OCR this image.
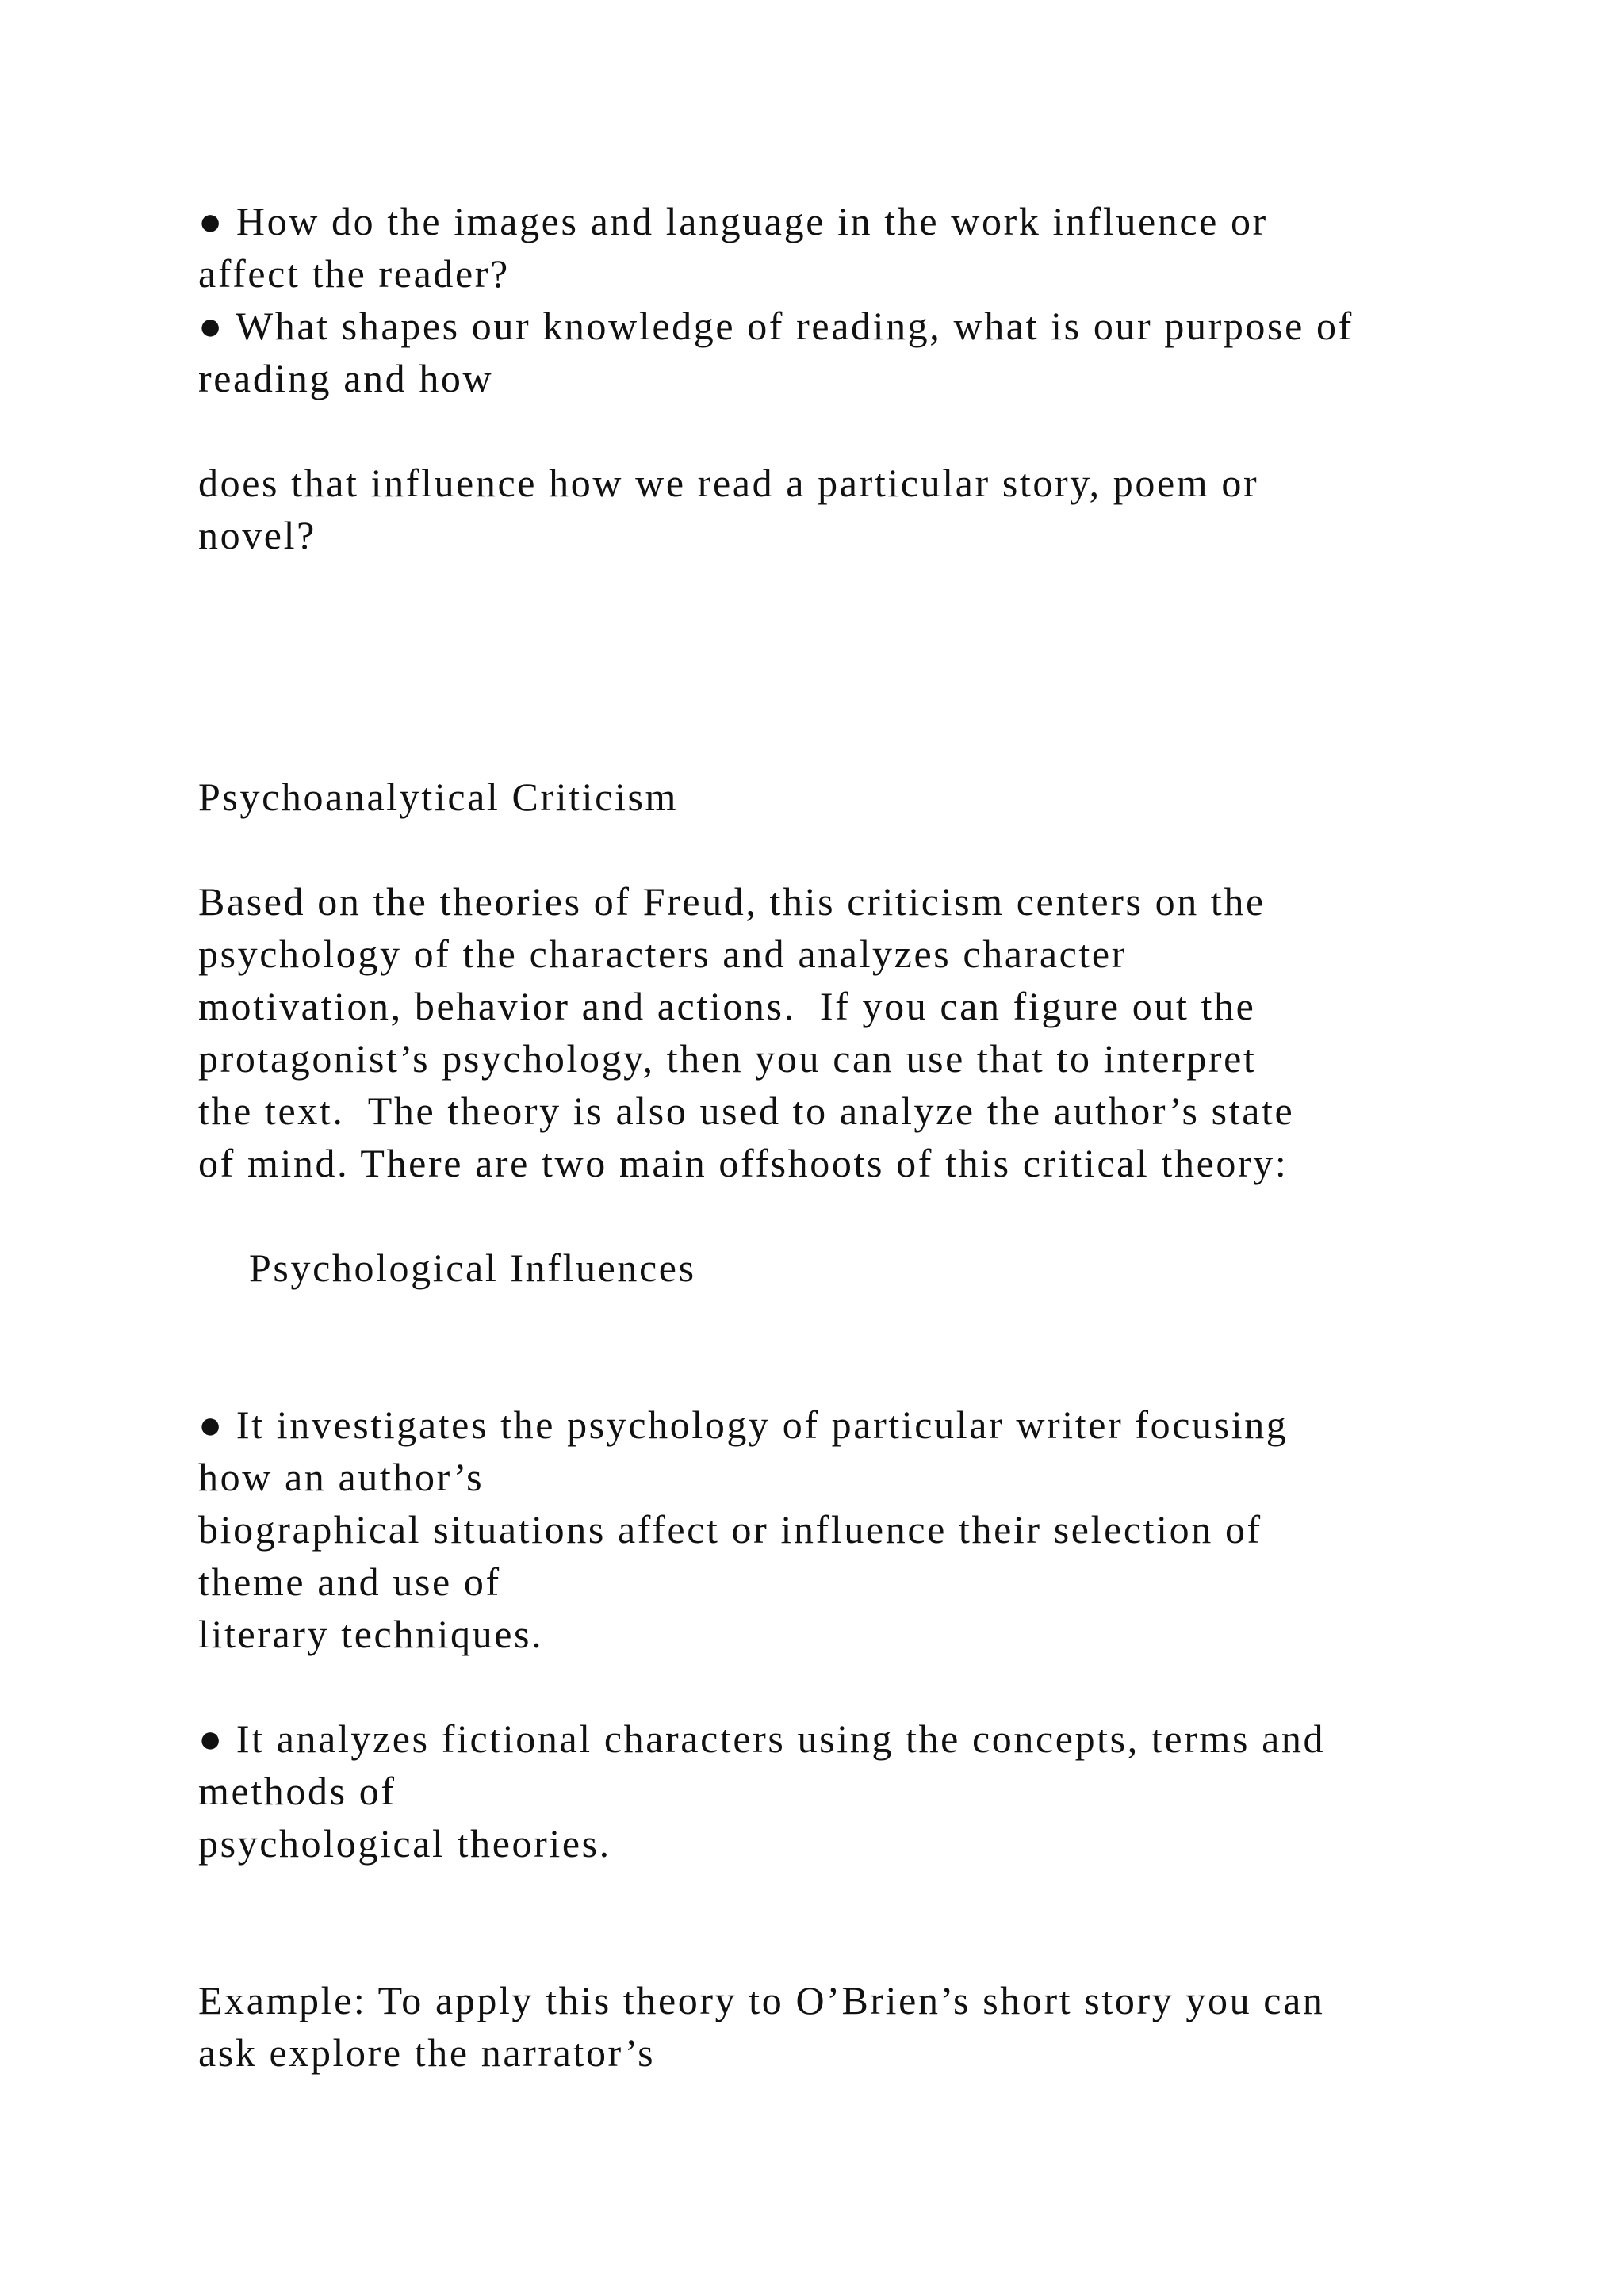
● How do the images and language in the work influence or

affect the reader?

● What shapes our knowledge of reading, what is our purpose of

reading and how

does that influence how we read a particular story, poem or

novel?

Psychoanalytical Criticism

Based on the theories of Freud, this criticism centers on the

psychology of the characters and analyzes character

motivation, behavior and actions.  If you can figure out the

protagonist’s psychology, then you can use that to interpret

the text.  The theory is also used to analyze the author’s state

of mind. There are two main offshoots of this critical theory:

Psychological Influences

● It investigates the psychology of particular writer focusing

how an author’s

biographical situations affect or influence their selection of

theme and use of

literary techniques.

● It analyzes fictional characters using the concepts, terms and

methods of

psychological theories.

Example: To apply this theory to O’Brien’s short story you can

ask explore the narrator’s
